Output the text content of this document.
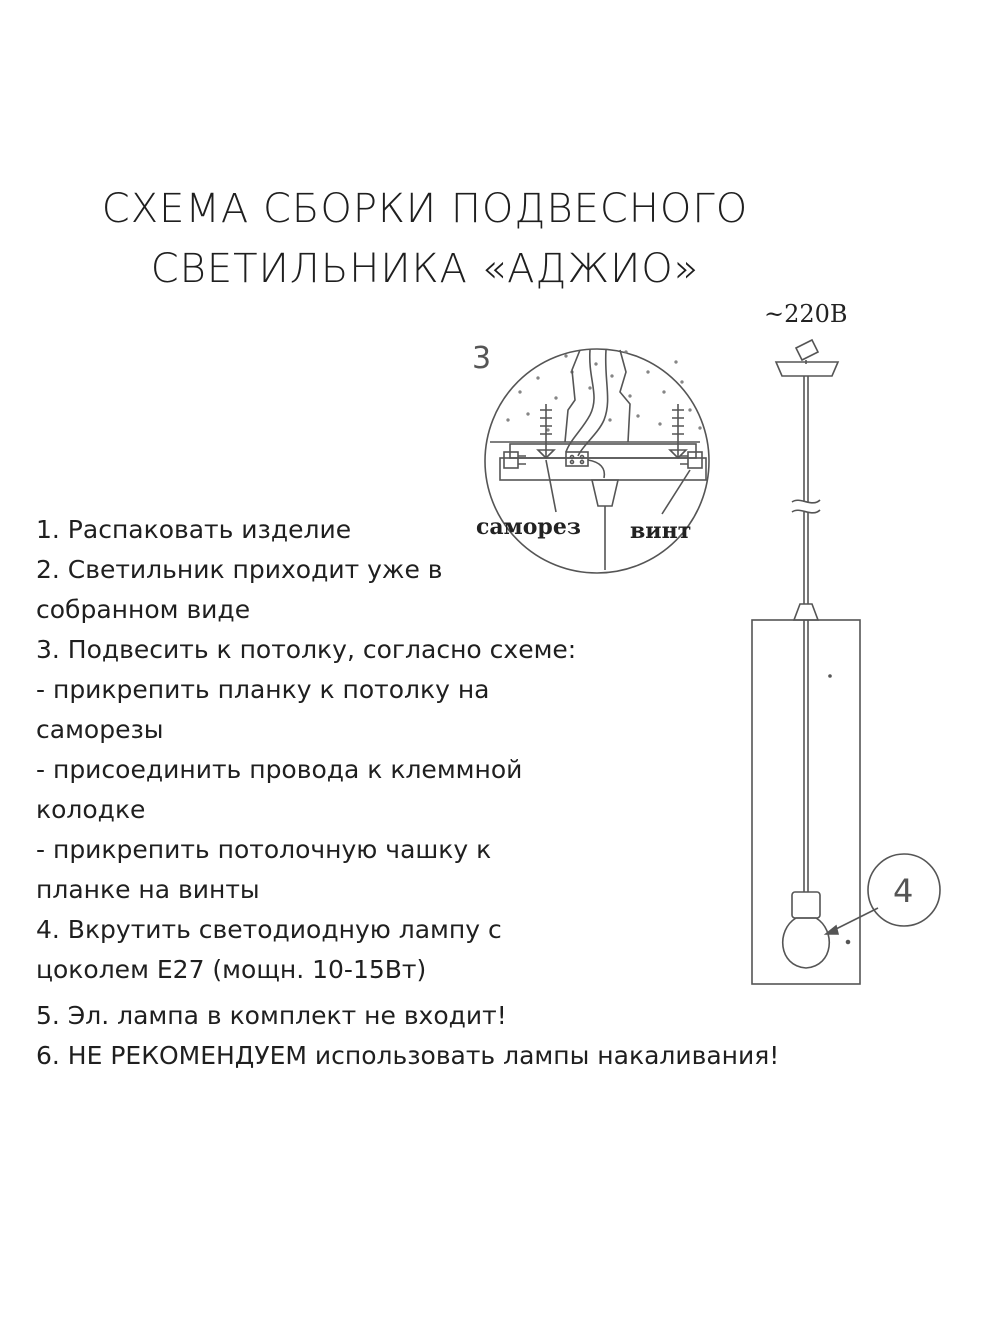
СХЕМА СБОРКИ ПОДВЕСНОГО
СВЕТИЛЬНИКА «АДЖИО»
3
саморез винт
~220В
4
1. Распаковать изделие
2. Светильник приходит уже в
собранном виде
3. Подвесить к потолку, согласно схеме:
- прикрепить планку к потолку на
саморезы
- присоединить провода к клеммной
колодке
- прикрепить потолочную чашку к
планке на винты
4. Вкрутить светодиодную лампу с
цоколем Е27 (мощн. 10-15Вт)
5. Эл. лампа в комплект не входит!
6. НЕ РЕКОМЕНДУЕМ использовать лампы накаливания!
